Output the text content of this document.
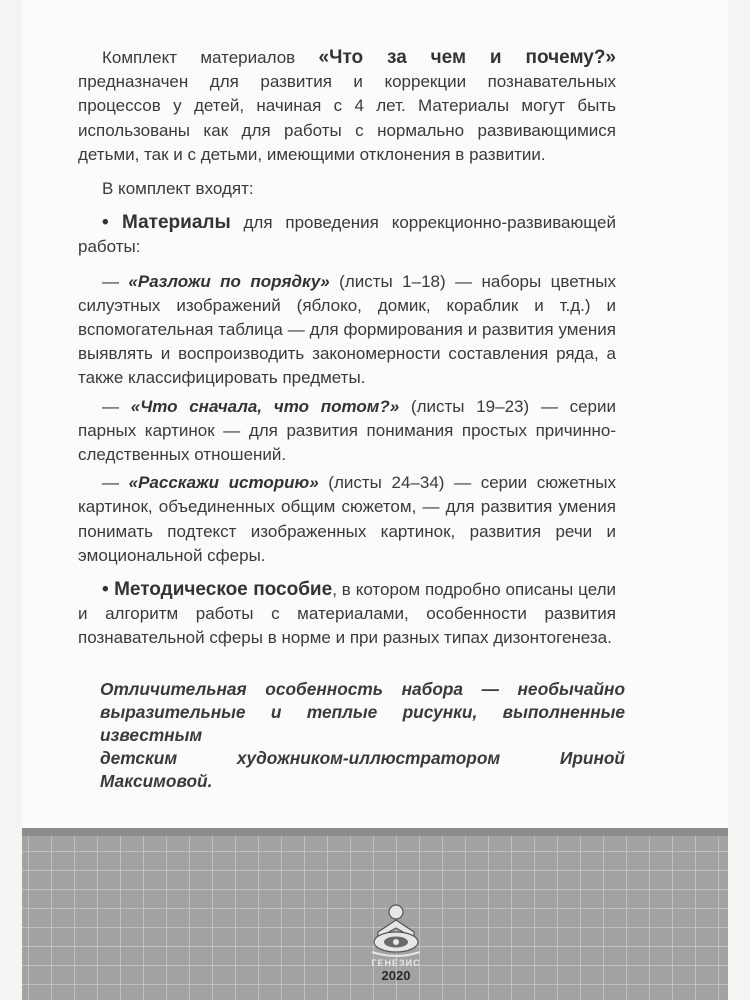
Комплект материалов «Что за чем и почему?» предназначен для развития и коррекции познавательных процессов у детей, начиная с 4 лет. Материалы могут быть использованы как для работы с нормально развивающимися детьми, так и с детьми, имеющими отклонения в развитии.

В комплект входят:

• Материалы для проведения коррекционно-развивающей работы:

— «Разложи по порядку» (листы 1–18) — наборы цветных силуэтных изображений (яблоко, домик, кораблик и т.д.) и вспомогательная таблица — для формирования и развития умения выявлять и воспроизводить закономерности составления ряда, а также классифицировать предметы.

— «Что сначала, что потом?» (листы 19–23) — серии парных картинок — для развития понимания простых причинно-следственных отношений.

— «Расскажи историю» (листы 24–34) — серии сюжетных картинок, объединенных общим сюжетом, — для развития умения понимать подтекст изображенных картинок, развития речи и эмоциональной сферы.

• Методическое пособие, в котором подробно описаны цели и алгоритм работы с материалами, особенности развития познавательной сферы в норме и при разных типах дизонтогенеза.

Отличительная особенность набора — необычайно
выразительные и теплые рисунки, выполненные известным
детским художником-иллюстратором Ириной Максимовой.
ГЕНЕЗИС
2020
